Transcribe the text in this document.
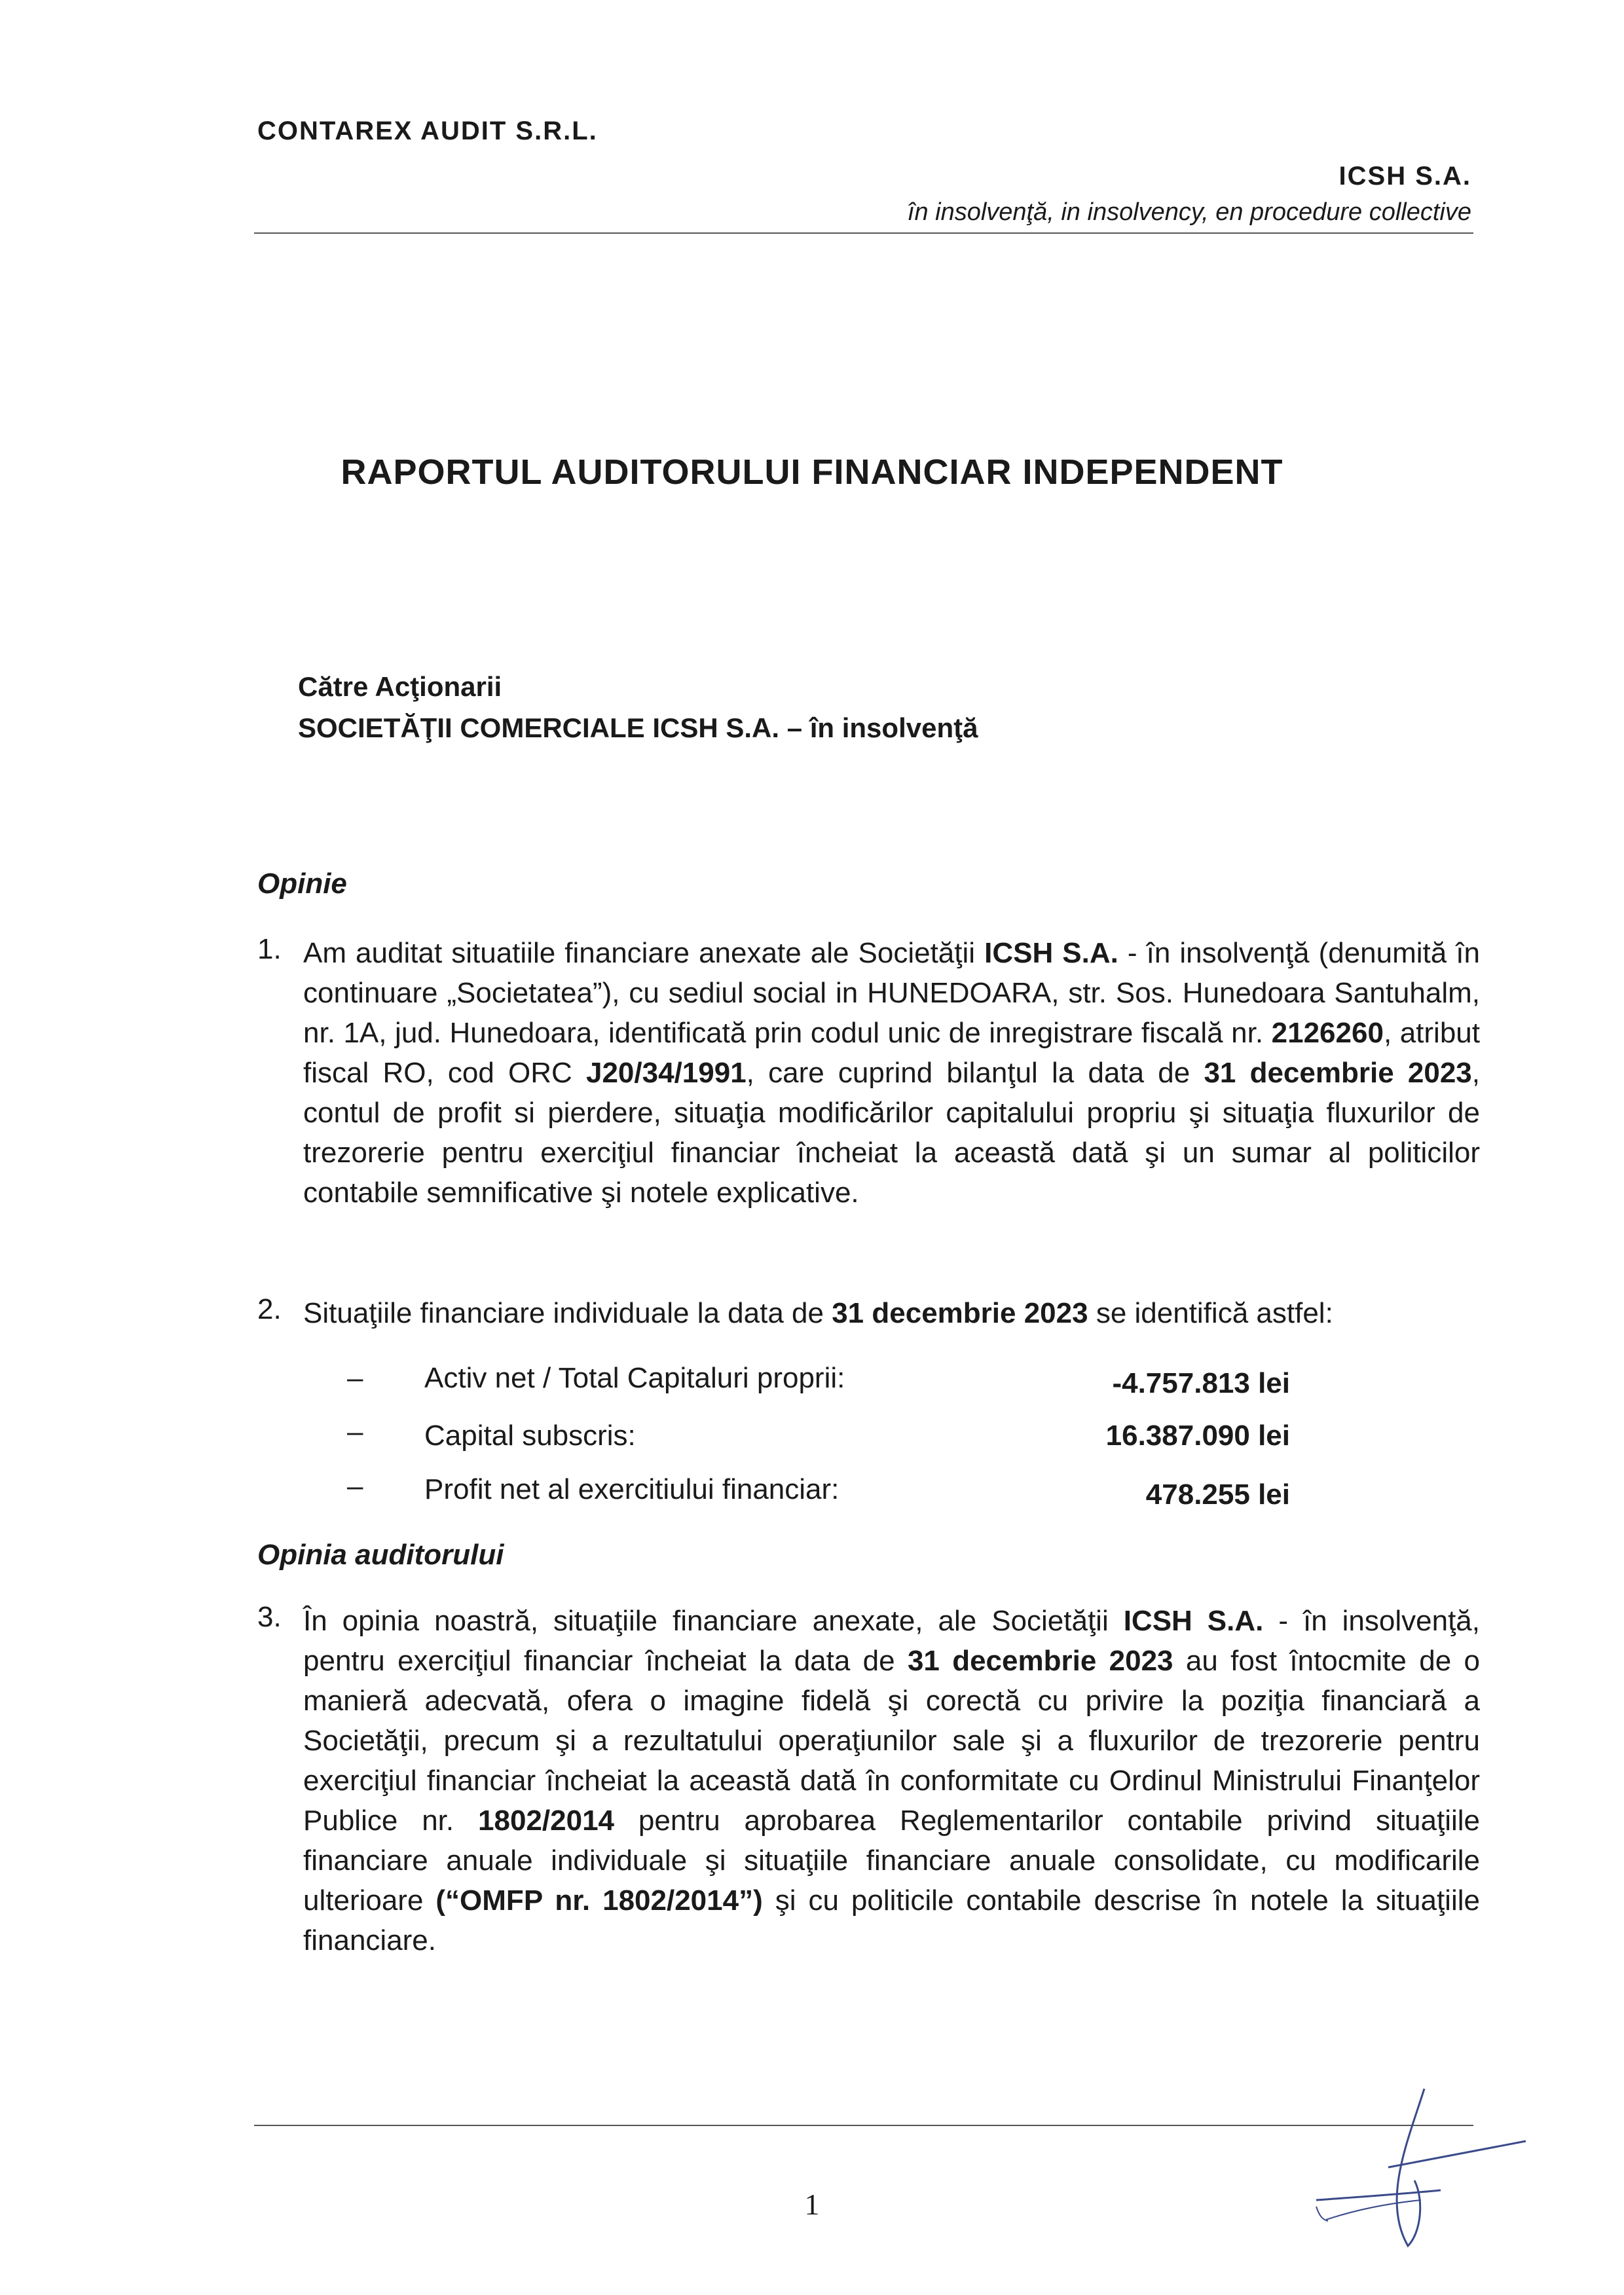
CONTAREX AUDIT S.R.L.
ICSH S.A.
în insolvenţă, in insolvency, en procedure collective
RAPORTUL AUDITORULUI FINANCIAR INDEPENDENT
Către Acţionarii
SOCIETĂŢII COMERCIALE ICSH S.A. – în insolvenţă
Opinie
1. Am auditat situatiile financiare anexate ale Societăţii ICSH S.A. - în insolvenţă (denumită în continuare „Societatea”), cu sediul social in HUNEDOARA, str. Sos. Hunedoara Santuhalm, nr. 1A, jud. Hunedoara, identificată prin codul unic de inregistrare fiscală nr. 2126260, atribut fiscal RO, cod ORC J20/34/1991, care cuprind bilanţul la data de 31 decembrie 2023, contul de profit si pierdere, situaţia modificărilor capitalului propriu şi situaţia fluxurilor de trezorerie pentru exerciţiul financiar încheiat la această dată şi un sumar al politicilor contabile semnificative şi notele explicative.
2. Situaţiile financiare individuale la data de 31 decembrie 2023 se identifică astfel:
– Activ net / Total Capitaluri proprii:	-4.757.813 lei
– Capital subscris:	16.387.090 lei
– Profit net al exercitiului financiar:	478.255 lei
Opinia auditorului
3. În opinia noastră, situaţiile financiare anexate, ale Societăţii ICSH S.A. - în insolvenţă, pentru exerciţiul financiar încheiat la data de 31 decembrie 2023 au fost întocmite de o manieră adecvată, ofera o imagine fidelă şi corectă cu privire la poziţia financiară a Societăţii, precum şi a rezultatului operaţiunilor sale şi a fluxurilor de trezorerie pentru exerciţiul financiar încheiat la această dată în conformitate cu Ordinul Ministrului Finanţelor Publice nr. 1802/2014 pentru aprobarea Reglementarilor contabile privind situaţiile financiare anuale individuale şi situaţiile financiare anuale consolidate, cu modificarile ulterioare (“OMFP nr. 1802/2014”) şi cu politicile contabile descrise în notele la situaţiile financiare.
1
